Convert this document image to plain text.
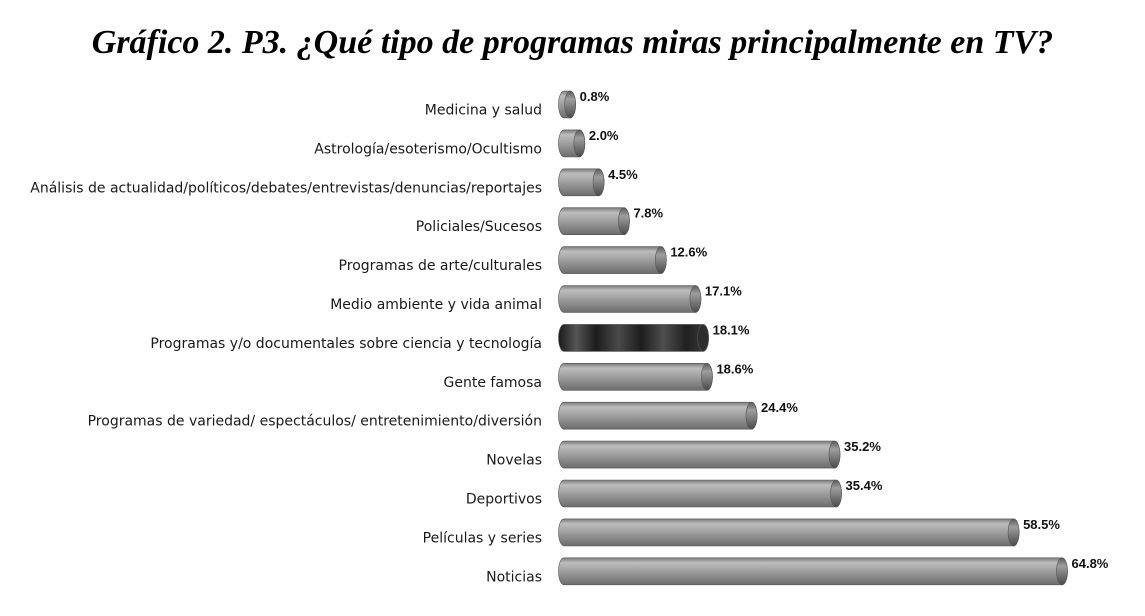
Gráfico 2. P3. ¿Qué tipo de programas miras principalmente en TV?
Medicina y salud
0.8%
Astrología/esoterismo/Ocultismo
2.0%
Análisis de actualidad/políticos/debates/entrevistas/denuncias/reportajes
4.5%
Policiales/Sucesos
7.8%
Programas de arte/culturales
12.6%
Medio ambiente y vida animal
17.1%
Programas y/o documentales sobre ciencia y tecnología
18.1%
Gente famosa
18.6%
Programas de variedad/ espectáculos/ entretenimiento/diversión
24.4%
Novelas
35.2%
Deportivos
35.4%
Películas y series
58.5%
Noticias
64.8%
